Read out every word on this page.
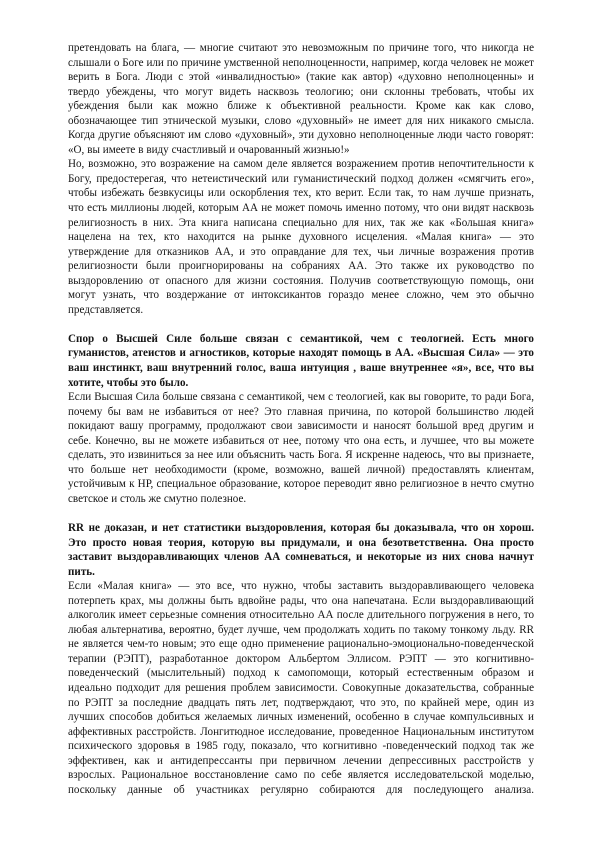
претендовать на блага, — многие считают это невозможным по причине того, что никогда не слышали о Боге или по причине умственной неполноценности, например, когда человек не может верить в Бога. Люди с этой «инвалидностью» (такие как автор) «духовно неполноценны» и твердо убеждены, что могут видеть насквозь теологию; они склонны требовать, чтобы их убеждения были как можно ближе к объективной реальности. Кроме как как слово, обозначающее тип этнической музыки, слово «духовный» не имеет для них никакого смысла. Когда другие объясняют им слово «духовный», эти духовно неполноценные люди часто говорят: «О, вы имеете в виду счастливый и очарованный жизнью!»

Но, возможно, это возражение на самом деле является возражением против непочтительности к Богу, предостерегая, что нетеистический или гуманистический подход должен «смягчить его», чтобы избежать безвкусицы или оскорбления тех, кто верит. Если так, то нам лучше признать, что есть миллионы людей, которым АА не может помочь именно потому, что они видят насквозь религиозность в них. Эта книга написана специально для них, так же как «Большая книга» нацелена на тех, кто находится на рынке духовного исцеления. «Малая книга» — это утверждение для отказников АА, и это оправдание для тех, чьи личные возражения против религиозности были проигнорированы на собраниях АА. Это также их руководство по выздоровлению от опасного для жизни состояния. Получив соответствующую помощь, они могут узнать, что воздержание от интоксикантов гораздо менее сложно, чем это обычно представляется.

Спор о Высшей Силе больше связан с семантикой, чем с теологией. Есть много гуманистов, атеистов и агностиков, которые находят помощь в АА. «Высшая Сила» — это ваш инстинкт, ваш внутренний голос, ваша интуиция , ваше внутреннее «я», все, что вы хотите, чтобы это было.

Если Высшая Сила больше связана с семантикой, чем с теологией, как вы говорите, то ради Бога, почему бы вам не избавиться от нее? Это главная причина, по которой большинство людей покидают вашу программу, продолжают свои зависимости и наносят большой вред другим и себе. Конечно, вы не можете избавиться от нее, потому что она есть, и лучшее, что вы можете сделать, это извиниться за нее или объяснить часть Бога. Я искренне надеюсь, что вы признаете, что больше нет необходимости (кроме, возможно, вашей личной) предоставлять клиентам, устойчивым к НР, специальное образование, которое переводит явно религиозное в нечто смутно светское и столь же смутно полезное.

RR не доказан, и нет статистики выздоровления, которая бы доказывала, что он хорош. Это просто новая теория, которую вы придумали, и она безответственна. Она просто заставит выздоравливающих членов АА сомневаться, и некоторые из них снова начнут пить.

Если «Малая книга» — это все, что нужно, чтобы заставить выздоравливающего человека потерпеть крах, мы должны быть вдвойне рады, что она напечатана. Если выздоравливающий алкоголик имеет серьезные сомнения относительно АА после длительного погружения в него, то любая альтернатива, вероятно, будет лучше, чем продолжать ходить по такому тонкому льду. RR не является чем-то новым; это еще одно применение рационально-эмоционально-поведенческой терапии (РЭПТ), разработанное доктором Альбертом Эллисом. РЭПТ — это когнитивно-поведенческий (мыслительный) подход к самопомощи, который естественным образом и идеально подходит для решения проблем зависимости. Совокупные доказательства, собранные по РЭПТ за последние двадцать пять лет, подтверждают, что это, по крайней мере, один из лучших способов добиться желаемых личных изменений, особенно в случае компульсивных и аффективных расстройств. Лонгитюдное исследование, проведенное Национальным институтом психического здоровья в 1985 году, показало, что когнитивно -поведенческий подход так же эффективен, как и антидепрессанты при первичном лечении депрессивных расстройств у взрослых. Рациональное восстановление само по себе является исследовательской моделью, поскольку данные об участниках регулярно собираются для последующего анализа.
